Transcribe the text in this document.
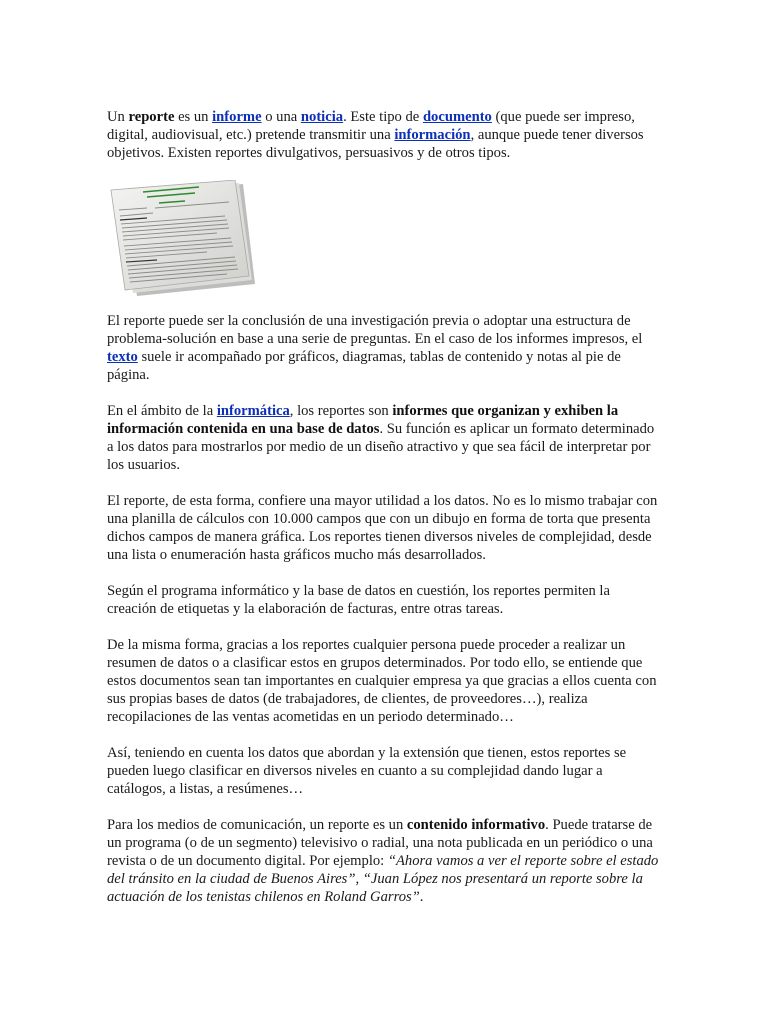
Un reporte es un informe o una noticia. Este tipo de documento (que puede ser impreso, digital, audiovisual, etc.) pretende transmitir una información, aunque puede tener diversos objetivos. Existen reportes divulgativos, persuasivos y de otros tipos.

El reporte puede ser la conclusión de una investigación previa o adoptar una estructura de problema-solución en base a una serie de preguntas. En el caso de los informes impresos, el texto suele ir acompañado por gráficos, diagramas, tablas de contenido y notas al pie de página.

En el ámbito de la informática, los reportes son informes que organizan y exhiben la información contenida en una base de datos. Su función es aplicar un formato determinado a los datos para mostrarlos por medio de un diseño atractivo y que sea fácil de interpretar por los usuarios.

El reporte, de esta forma, confiere una mayor utilidad a los datos. No es lo mismo trabajar con una planilla de cálculos con 10.000 campos que con un dibujo en forma de torta que presenta dichos campos de manera gráfica. Los reportes tienen diversos niveles de complejidad, desde una lista o enumeración hasta gráficos mucho más desarrollados.

Según el programa informático y la base de datos en cuestión, los reportes permiten la creación de etiquetas y la elaboración de facturas, entre otras tareas.

De la misma forma, gracias a los reportes cualquier persona puede proceder a realizar un resumen de datos o a clasificar estos en grupos determinados. Por todo ello, se entiende que estos documentos sean tan importantes en cualquier empresa ya que gracias a ellos cuenta con sus propias bases de datos (de trabajadores, de clientes, de proveedores…), realiza recopilaciones de las ventas acometidas en un periodo determinado…

Así, teniendo en cuenta los datos que abordan y la extensión que tienen, estos reportes se pueden luego clasificar en diversos niveles en cuanto a su complejidad dando lugar a catálogos, a listas, a resúmenes…

Para los medios de comunicación, un reporte es un contenido informativo. Puede tratarse de un programa (o de un segmento) televisivo o radial, una nota publicada en un periódico o una revista o de un documento digital. Por ejemplo: “Ahora vamos a ver el reporte sobre el estado del tránsito en la ciudad de Buenos Aires”, “Juan López nos presentará un reporte sobre la actuación de los tenistas chilenos en Roland Garros”.
